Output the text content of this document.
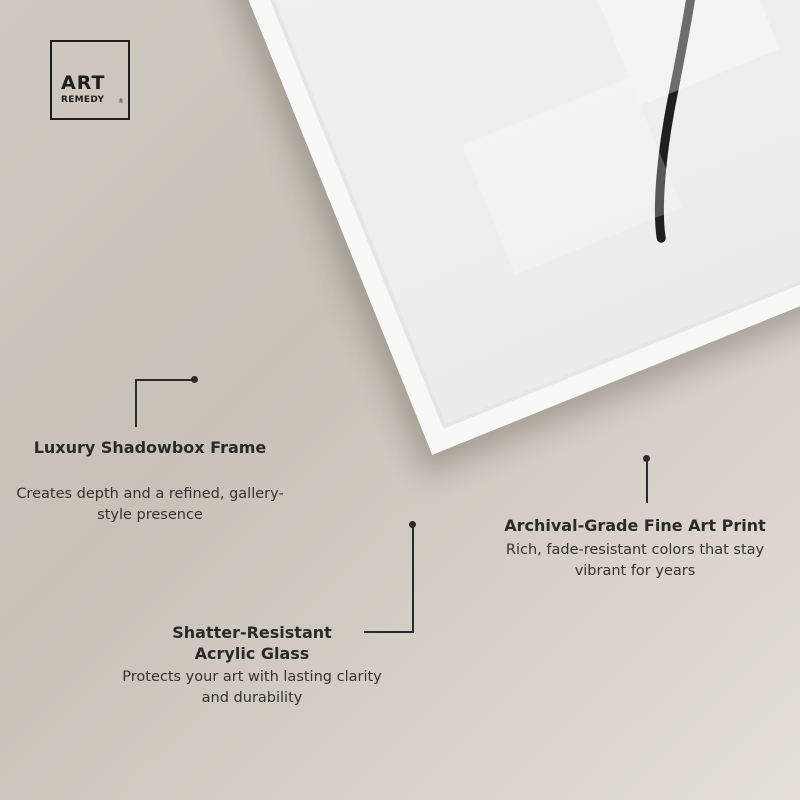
ART
REMEDY ®
Luxury Shadowbox Frame
Creates depth and a refined, gallery-style presence
Archival-Grade Fine Art Print
Rich, fade-resistant colors that stay vibrant for years
Shatter-Resistant Acrylic Glass
Protects your art with lasting clarity and durability
